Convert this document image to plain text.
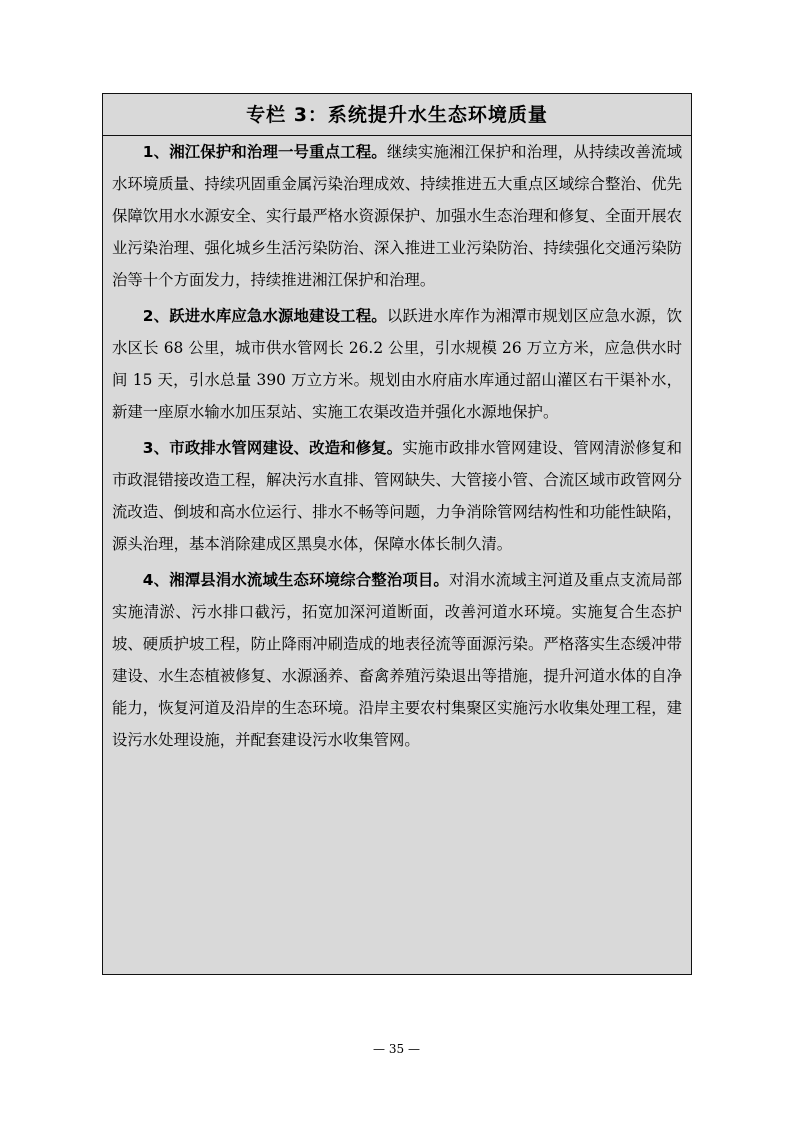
专栏 3：系统提升水生态环境质量

1、湘江保护和治理一号重点工程。继续实施湘江保护和治理，从持续改善流域水环境质量、持续巩固重金属污染治理成效、持续推进五大重点区域综合整治、优先保障饮用水水源安全、实行最严格水资源保护、加强水生态治理和修复、全面开展农业污染治理、强化城乡生活污染防治、深入推进工业污染防治、持续强化交通污染防治等十个方面发力，持续推进湘江保护和治理。

2、跃进水库应急水源地建设工程。以跃进水库作为湘潭市规划区应急水源，饮水区长 68 公里，城市供水管网长 26.2 公里，引水规模 26 万立方米，应急供水时间 15 天，引水总量 390 万立方米。规划由水府庙水库通过韶山灌区右干渠补水，新建一座原水输水加压泵站、实施工农渠改造并强化水源地保护。

3、市政排水管网建设、改造和修复。实施市政排水管网建设、管网清淤修复和市政混错接改造工程，解决污水直排、管网缺失、大管接小管、合流区域市政管网分流改造、倒坡和高水位运行、排水不畅等问题，力争消除管网结构性和功能性缺陷，源头治理，基本消除建成区黑臭水体，保障水体长制久清。

4、湘潭县涓水流域生态环境综合整治项目。对涓水流域主河道及重点支流局部实施清淤、污水排口截污，拓宽加深河道断面，改善河道水环境。实施复合生态护坡、硬质护坡工程，防止降雨冲刷造成的地表径流等面源污染。严格落实生态缓冲带建设、水生态植被修复、水源涵养、畜禽养殖污染退出等措施，提升河道水体的自净能力，恢复河道及沿岸的生态环境。沿岸主要农村集聚区实施污水收集处理工程，建设污水处理设施，并配套建设污水收集管网。

— 35 —
